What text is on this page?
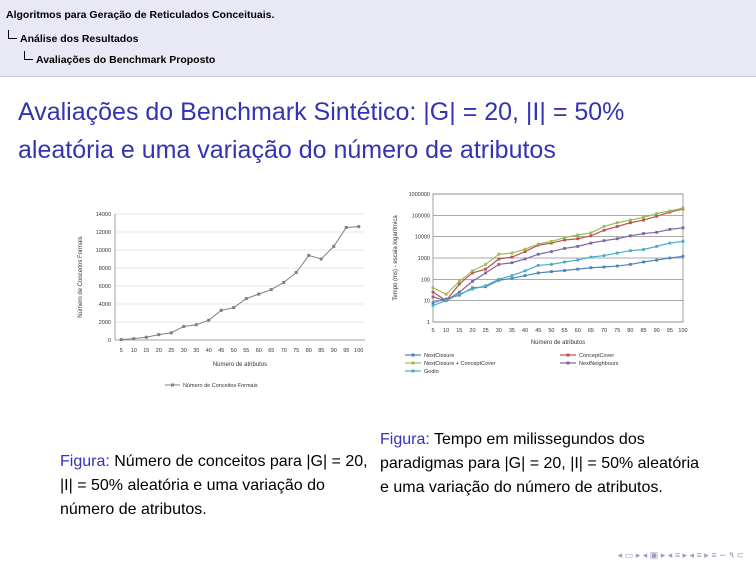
Algoritmos para Geração de Reticulados Conceituais.
Análise dos Resultados
Avaliações do Benchmark Proposto
Avaliações do Benchmark Sintético: |G| = 20, |I| = 50%
aleatória e uma variação do número de atributos
0
2000
4000
6000
8000
10000
12000
14000
5 10 15 20 25 30 35 40 45 50 55 60 65 70 75 80 85 90 95 100
Número de atributos
Número de Conceitos Formais
Número de Conceitos Formais
1
10
100
1000
10000
100000
1000000
5 10 15 20 25 30 35 40 45 50 55 60 65 70 75 80 85 90 95 100
Número de atributos
Tempo (ms) - escala logarítmica
NextClosure	ConceptCover
NextClosure + ConceptCover	NextNeighbours
Godin
Figura: Número de conceitos para |G| = 20, |I| = 50% aleatória e uma variação do número de atributos.
Figura: Tempo em milissegundos dos paradigmas para |G| = 20, |I| = 50% aleatória e uma variação do número de atributos.
◂ ▭ ▸ ◂ ▣ ▸ ◂ ≡ ▸ ◂ ≡ ▸ ≡ ∽ ۹ ⊂
